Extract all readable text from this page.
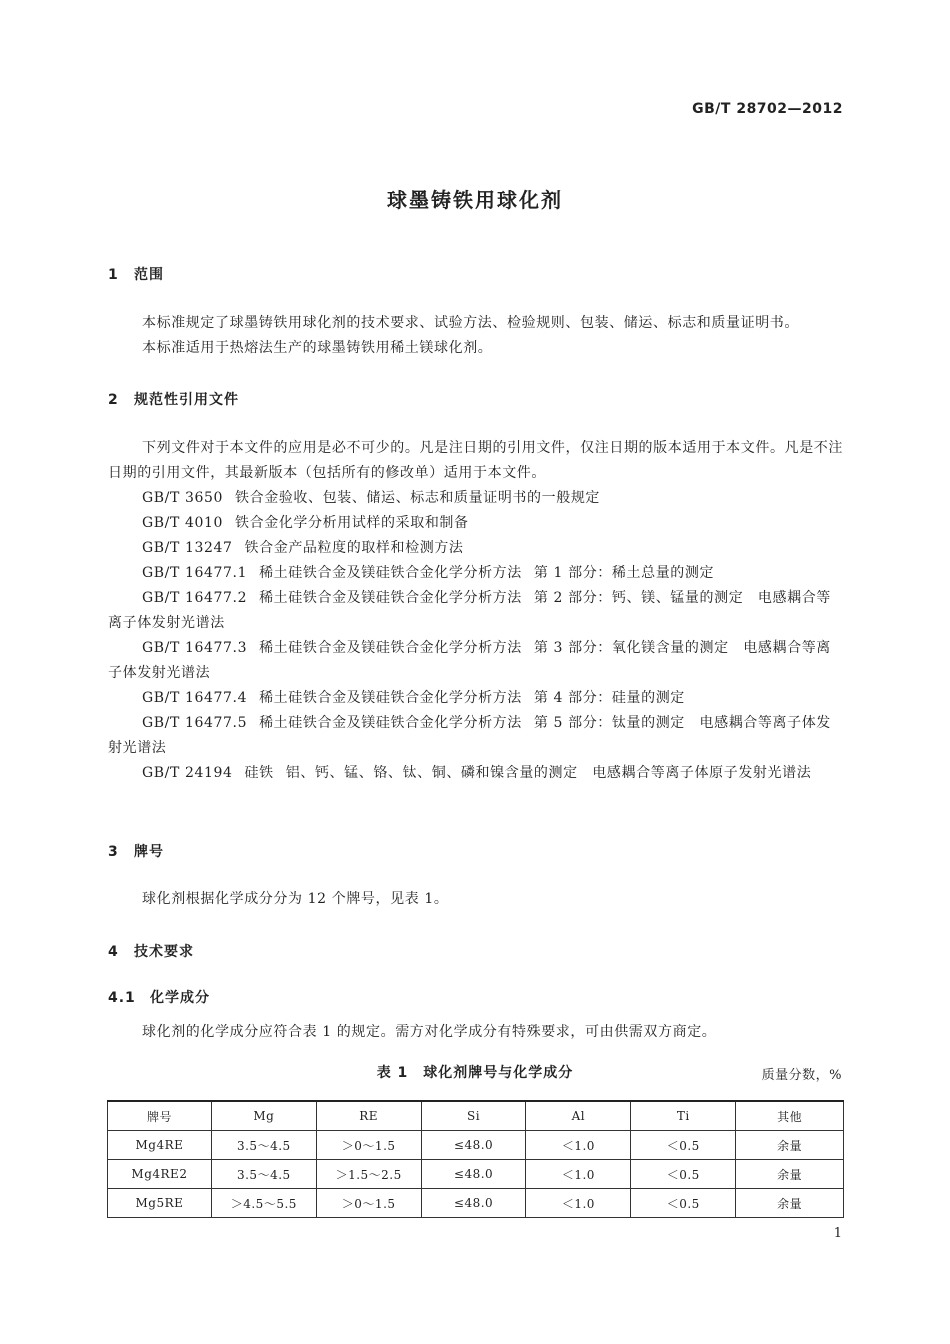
GB/T 28702—2012
球墨铸铁用球化剂
1 范围
本标准规定了球墨铸铁用球化剂的技术要求、试验方法、检验规则、包装、储运、标志和质量证明书。
本标准适用于热熔法生产的球墨铸铁用稀土镁球化剂。
2 规范性引用文件
下列文件对于本文件的应用是必不可少的。凡是注日期的引用文件，仅注日期的版本适用于本文件。凡是不注日期的引用文件，其最新版本（包括所有的修改单）适用于本文件。
GB/T 3650 铁合金验收、包装、储运、标志和质量证明书的一般规定
GB/T 4010 铁合金化学分析用试样的采取和制备
GB/T 13247 铁合金产品粒度的取样和检测方法
GB/T 16477.1 稀土硅铁合金及镁硅铁合金化学分析方法 第 1 部分：稀土总量的测定
GB/T 16477.2 稀土硅铁合金及镁硅铁合金化学分析方法 第 2 部分：钙、镁、锰量的测定　电感耦合等离子体发射光谱法
GB/T 16477.3 稀土硅铁合金及镁硅铁合金化学分析方法 第 3 部分：氧化镁含量的测定　电感耦合等离子体发射光谱法
GB/T 16477.4 稀土硅铁合金及镁硅铁合金化学分析方法 第 4 部分：硅量的测定
GB/T 16477.5 稀土硅铁合金及镁硅铁合金化学分析方法 第 5 部分：钛量的测定　电感耦合等离子体发射光谱法
GB/T 24194 硅铁 铝、钙、锰、铬、钛、铜、磷和镍含量的测定　电感耦合等离子体原子发射光谱法
3 牌号
球化剂根据化学成分分为 12 个牌号，见表 1。
4 技术要求
4.1 化学成分
球化剂的化学成分应符合表 1 的规定。需方对化学成分有特殊要求，可由供需双方商定。
表 1　球化剂牌号与化学成分	质量分数，%
牌号	Mg	RE	Si	Al	Ti	其他
Mg4RE	3.5～4.5	＞0～1.5	≤48.0	＜1.0	＜0.5	余量
Mg4RE2	3.5～4.5	＞1.5～2.5	≤48.0	＜1.0	＜0.5	余量
Mg5RE	＞4.5～5.5	＞0～1.5	≤48.0	＜1.0	＜0.5	余量
1
